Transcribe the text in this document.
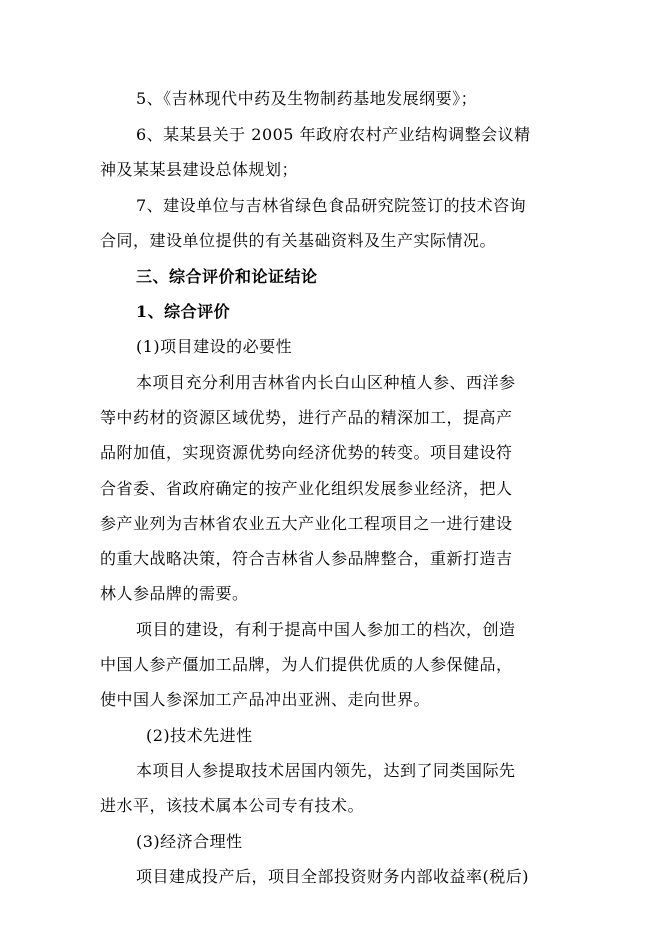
5、《吉林现代中药及生物制药基地发展纲要》；
6、某某县关于 2005 年政府农村产业结构调整会议精
神及某某县建设总体规划；
7、建设单位与吉林省绿色食品研究院签订的技术咨询
合同，建设单位提供的有关基础资料及生产实际情况。
三、综合评价和论证结论
1、综合评价
(1)项目建设的必要性
本项目充分利用吉林省内长白山区种植人参、西洋参
等中药材的资源区域优势，进行产品的精深加工，提高产
品附加值，实现资源优势向经济优势的转变。项目建设符
合省委、省政府确定的按产业化组织发展参业经济，把人
参产业列为吉林省农业五大产业化工程项目之一进行建设
的重大战略决策，符合吉林省人参品牌整合，重新打造吉
林人参品牌的需要。
项目的建设，有利于提高中国人参加工的档次，创造
中国人参产僵加工品牌，为人们提供优质的人参保健品，
使中国人参深加工产品冲出亚洲、走向世界。
(2)技术先进性
本项目人参提取技术居国内领先，达到了同类国际先
进水平，该技术属本公司专有技术。
(3)经济合理性
项目建成投产后，项目全部投资财务内部收益率(税后)
